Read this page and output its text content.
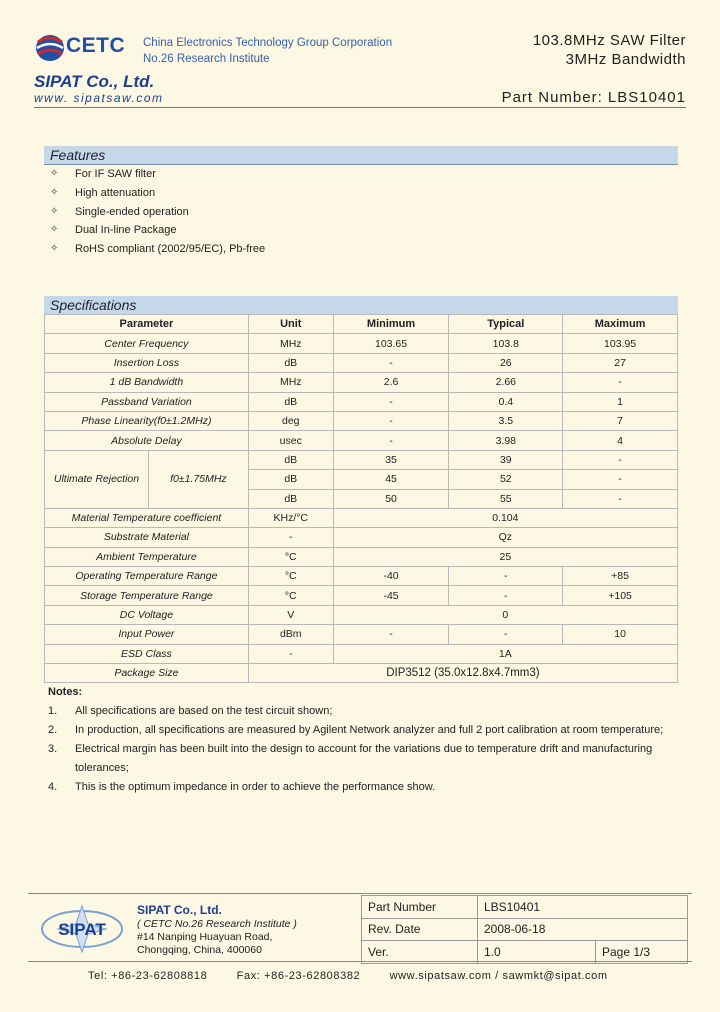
CETC China Electronics Technology Group Corporation
No.26 Research Institute
SIPAT Co., Ltd.
www. sipatsaw.com
103.8MHz SAW Filter
3MHz Bandwidth
Part Number: LBS10401
Features
✧	For IF SAW filter
✧	High attenuation
✧	Single-ended operation
✧	Dual In-line Package
✧	RoHS compliant (2002/95/EC), Pb-free
Specifications
Parameter	Unit	Minimum	Typical	Maximum
Center Frequency	MHz	103.65	103.8	103.95
Insertion Loss	dB	-	26	27
1 dB Bandwidth	MHz	2.6	2.66	-
Passband Variation	dB	-	0.4	1
Phase Linearity(f0±1.2MHz)	deg	-	3.5	7
Absolute Delay	usec	-	3.98	4

Ultimate Rejection f0±1.75MHz	dB	35	39	-
	dB	45	52	-
	dB	50	55	-
Material Temperature coefficient	KHz/°C	0.104		
Substrate Material	-	Qz		
Ambient Temperature	°C	25		
Operating Temperature Range	°C	-40	-	+85
Storage Temperature Range	°C	-45	-	+105
DC Voltage	V	0		
Input Power	dBm	-	-	10
ESD Class	-	1A		
Package Size	DIP3512 (35.0x12.8x4.7mm3)			
Notes:
1.	All specifications are based on the test circuit shown;
2.	In production, all specifications are measured by Agilent Network analyzer and full 2 port calibration at room temperature;
3.	Electrical margin has been built into the design to account for the variations due to temperature drift and manufacturing tolerances;
4.	This is the optimum impedance in order to achieve the performance show.
SIPAT
SIPAT Co., Ltd.
( CETC No.26 Research Institute )
#14 Nanping Huayuan Road,
Chongqing, China, 400060
Part Number	LBS10401	
Rev. Date	2008-06-18	
Ver.	1.0	Page 1/3
Tel: +86-23-62808818	Fax: +86-23-62808382	www.sipatsaw.com / sawmkt@sipat.com
